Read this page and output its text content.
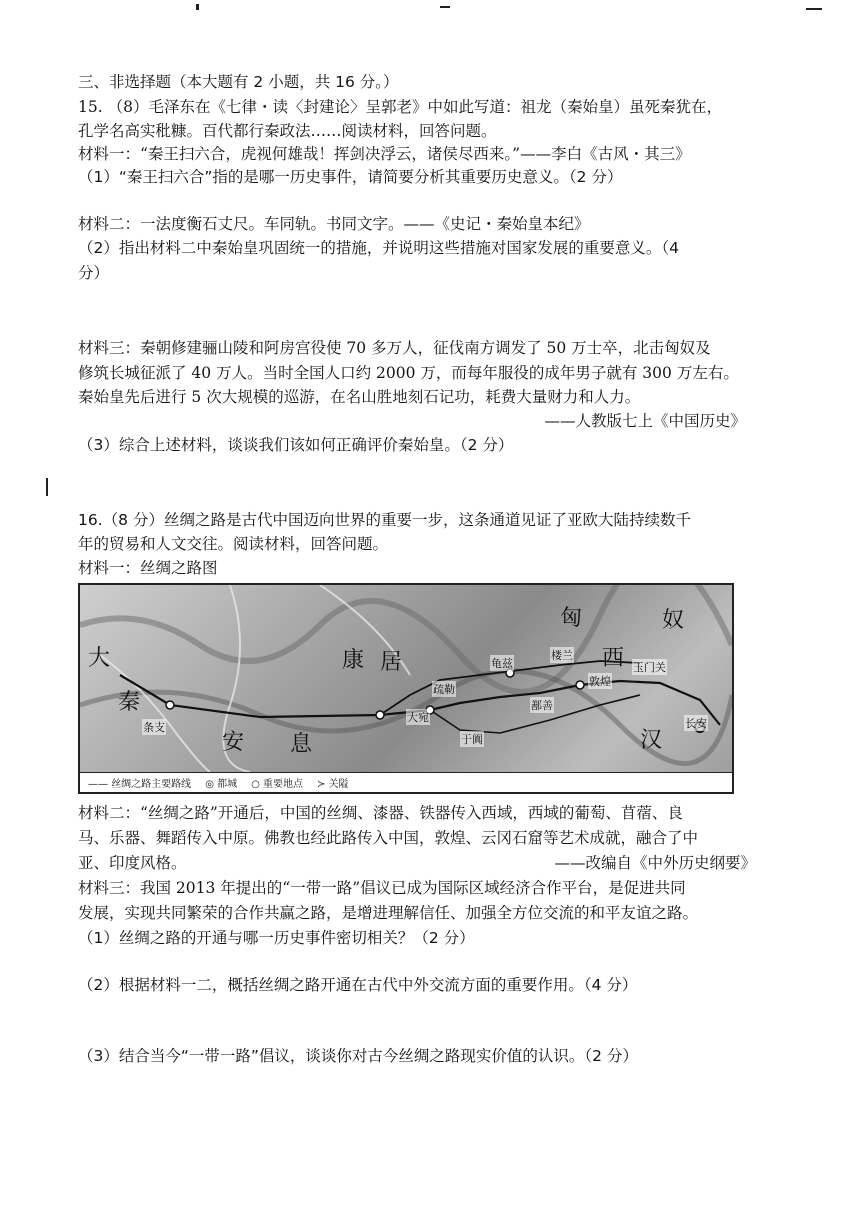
三、非选择题（本大题有 2 小题，共 16 分。）
15. （8）毛泽东在《七律・读〈封建论〉呈郭老》中如此写道：祖龙（秦始皇）虽死秦犹在，
孔学名高实秕糠。百代都行秦政法……阅读材料，回答问题。
材料一：“秦王扫六合，虎视何雄哉！挥剑决浮云，诸侯尽西来。”——李白《古风・其三》
（1）“秦王扫六合”指的是哪一历史事件，请简要分析其重要历史意义。（2 分）
材料二：一法度衡石丈尺。车同轨。书同文字。——《史记・秦始皇本纪》
（2）指出材料二中秦始皇巩固统一的措施，并说明这些措施对国家发展的重要意义。（4
分）
材料三：秦朝修建骊山陵和阿房宫役使 70 多万人，征伐南方调发了 50 万士卒，北击匈奴及
修筑长城征派了 40 万人。当时全国人口约 2000 万，而每年服役的成年男子就有 300 万左右。
秦始皇先后进行 5 次大规模的巡游，在名山胜地刻石记功，耗费大量财力和人力。
——人教版七上《中国历史》
（3）综合上述材料，谈谈我们该如何正确评价秦始皇。（2 分）
16.（8 分）丝绸之路是古代中国迈向世界的重要一步，这条通道见证了亚欧大陆持续数千
年的贸易和人文交往。阅读材料，回答问题。
材料一：丝绸之路图
匈	奴
西
汉
康 居
安 息
大
秦
大宛
疏勒
于阗
龟兹
楼兰
鄯善
敦煌
玉门关
长安
条支
—— 丝绸之路主要路线 ◎ 都城 ○ 重要地点 ≻ 关隘
材料二：“丝绸之路”开通后，中国的丝绸、漆器、铁器传入西域，西域的葡萄、苜蓿、良
马、乐器、舞蹈传入中原。佛教也经此路传入中国，敦煌、云冈石窟等艺术成就，融合了中
亚、印度风格。	——改编自《中外历史纲要》
材料三：我国 2013 年提出的“一带一路”倡议已成为国际区域经济合作平台，是促进共同
发展，实现共同繁荣的合作共赢之路，是增进理解信任、加强全方位交流的和平友谊之路。
（1）丝绸之路的开通与哪一历史事件密切相关？（2 分）
（2）根据材料一二，概括丝绸之路开通在古代中外交流方面的重要作用。（4 分）
（3）结合当今“一带一路”倡议，谈谈你对古今丝绸之路现实价值的认识。（2 分）
